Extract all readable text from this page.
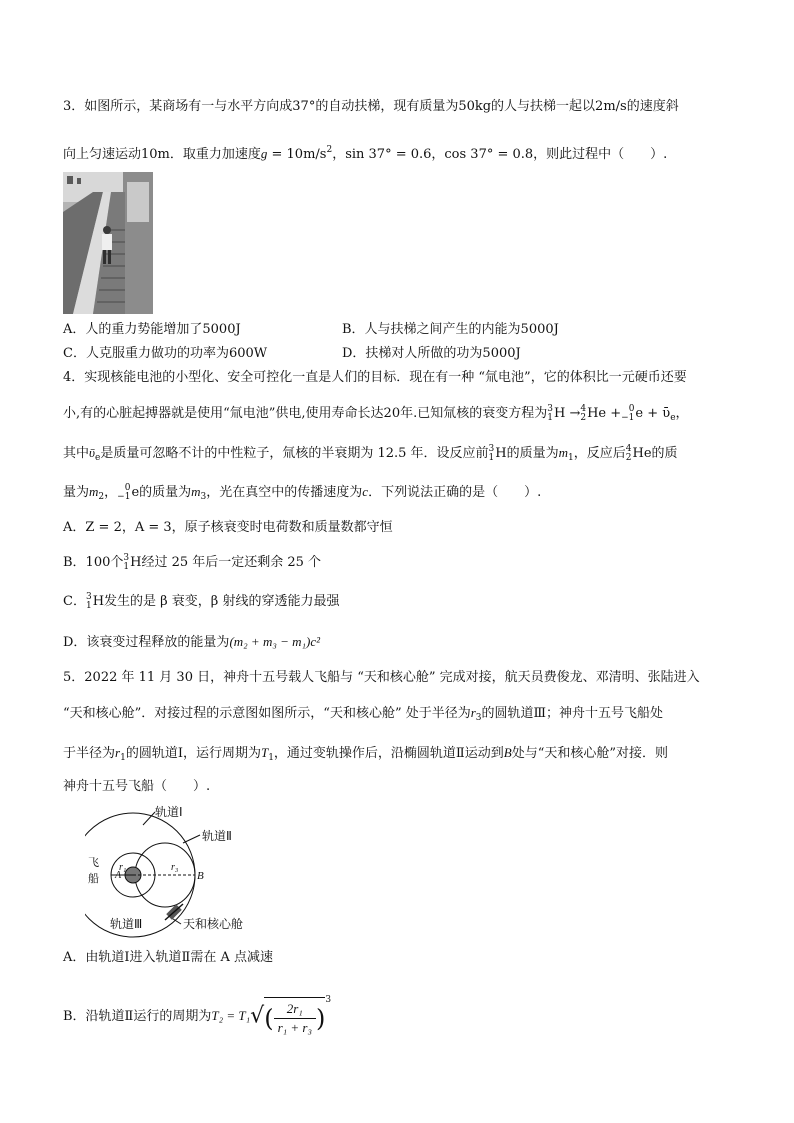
3．如图所示，某商场有一与水平方向成37°的自动扶梯，现有质量为50kg的人与扶梯一起以2m/s的速度斜
向上匀速运动10m．取重力加速度$g = 10m/s^2$，sin 37° = 0.6，cos 37° = 0.8，则此过程中（　　）.
A．人的重力势能增加了5000J	B．人与扶梯之间产生的内能为5000J
C．人克服重力做功的功率为600W	D．扶梯对人所做的功为5000J
4．实现核能电池的小型化、安全可控化一直是人们的目标．现在有一种 “氚电池”，它的体积比一元硬币还要
小,有的心脏起搏器就是使用“氚电池”供电,使用寿命长达20年.已知氚核的衰变方程为 3
1 H → 4
2 He + 0
−1 e + ῡ$_e$，
其中ῡ$_e$是质量可忽略不计的中性粒子，氚核的半衰期为 12.5 年．设反应前 3
1 H的质量为$m_1$，反应后 4
2 He的质
量为$m_2$， 0
−1 e的质量为$m_3$，光在真空中的传播速度为c．下列说法正确的是（　　）.
A．Z = 2，A = 3，原子核衰变时电荷数和质量数都守恒
B．100个 3
1 H经过 25 年后一定还剩余 25 个
C． 3
1 H发生的是 β 衰变，β 射线的穿透能力最强
D．该衰变过程释放的能量为(m₂ + m₃ − m₁)c²
5．2022 年 11 月 30 日，神舟十五号载人飞船与 “天和核心舱” 完成对接，航天员费俊龙、邓清明、张陆进入
“天和核心舱”．对接过程的示意图如图所示，“天和核心舱” 处于半径为$r_3$的圆轨道Ⅲ；神舟十五号飞船处
于半径为$r_1$的圆轨道Ⅰ，运行周期为$T_1$，通过变轨操作后，沿椭圆轨道Ⅱ运动到B处与“天和核心舱”对接．则
神舟十五号飞船（　　）.
轨道Ⅰ
轨道Ⅱ
轨道Ⅲ	天和核心舱
飞
船 A	B
r₁	r₃
A．由轨道Ⅰ进入轨道Ⅱ需在 A 点减速
B．沿轨道Ⅱ运行的周期为$T_2 = T_1√( \frac{\text{2r₁}}{\text{r₁ + r₃}} )^3$
